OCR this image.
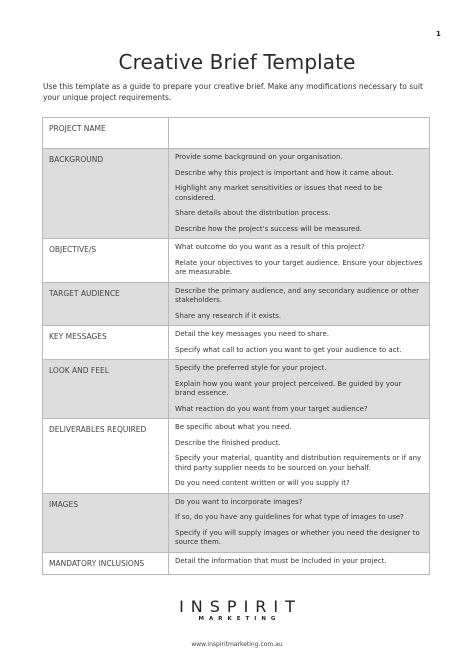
1
Creative Brief Template
Use this template as a guide to prepare your creative brief. Make any modifications necessary to suit your unique project requirements.
PROJECT NAME	
BACKGROUND	Provide some background on your organisation.
Describe why this project is important and how it came about.
Highlight any market sensitivities or issues that need to be considered.
Share details about the distribution process.
Describe how the project's success will be measured.

OBJECTIVE/S	What outcome do you want as a result of this project?
Relate your objectives to your target audience. Ensure your objectives are measurable.

TARGET AUDIENCE	Describe the primary audience, and any secondary audience or other stakeholders.
Share any research if it exists.

KEY MESSAGES	Detail the key messages you need to share.
Specify what call to action you want to get your audience to act.

LOOK AND FEEL	Specify the preferred style for your project.
Explain how you want your project perceived. Be guided by your brand essence.
What reaction do you want from your target audience?

DELIVERABLES REQUIRED	Be specific about what you need.
Describe the finished product.
Specify your material, quantity and distribution requirements or if any third party supplier needs to be sourced on your behalf.
Do you need content written or will you supply it?

IMAGES	Do you want to incorporate images?
If so, do you have any guidelines for what type of images to use?
Specify if you will supply images or whether you need the designer to source them.

MANDATORY INCLUSIONS	Detail the information that must be included in your project.
INSPIRIT
MARKETING
www.inspiritmarketing.com.au
